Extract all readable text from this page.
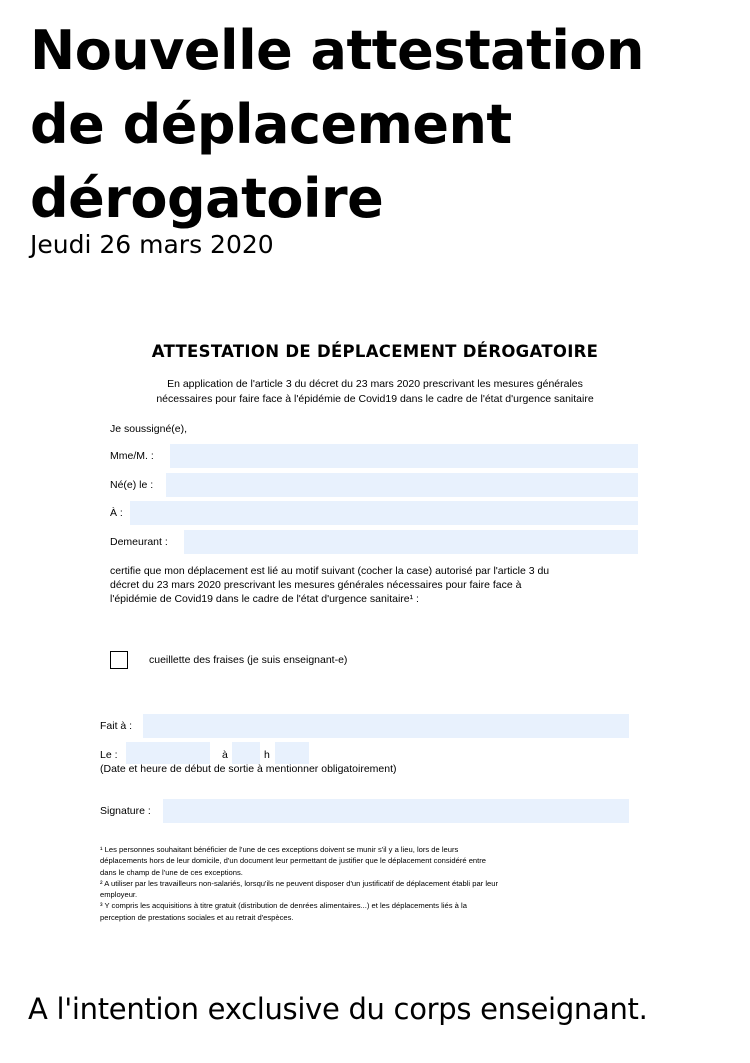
Nouvelle attestation
de déplacement
dérogatoire
Jeudi 26 mars 2020
ATTESTATION DE DÉPLACEMENT DÉROGATOIRE
En application de l'article 3 du décret du 23 mars 2020 prescrivant les mesures générales
nécessaires pour faire face à l'épidémie de Covid19 dans le cadre de l'état d'urgence sanitaire
Je soussigné(e),
Mme/M. :
Né(e) le :
À :
Demeurant :
certifie que mon déplacement est lié au motif suivant (cocher la case) autorisé par l'article 3 du
décret du 23 mars 2020 prescrivant les mesures générales nécessaires pour faire face à
l'épidémie de Covid19 dans le cadre de l'état d'urgence sanitaire¹ :
cueillette des fraises (je suis enseignant-e)
Fait à :
Le :	à	h
(Date et heure de début de sortie à mentionner obligatoirement)
Signature :

¹ Les personnes souhaitant bénéficier de l'une de ces exceptions doivent se munir s'il y a lieu, lors de leurs

déplacements hors de leur domicile, d'un document leur permettant de justifier que le déplacement considéré entre

dans le champ de l'une de ces exceptions.

² A utiliser par les travailleurs non-salariés, lorsqu'ils ne peuvent disposer d'un justificatif de déplacement établi par leur

employeur.

³ Y compris les acquisitions à titre gratuit (distribution de denrées alimentaires...) et les déplacements liés à la

perception de prestations sociales et au retrait d'espèces.

A l'intention exclusive du corps enseignant.
